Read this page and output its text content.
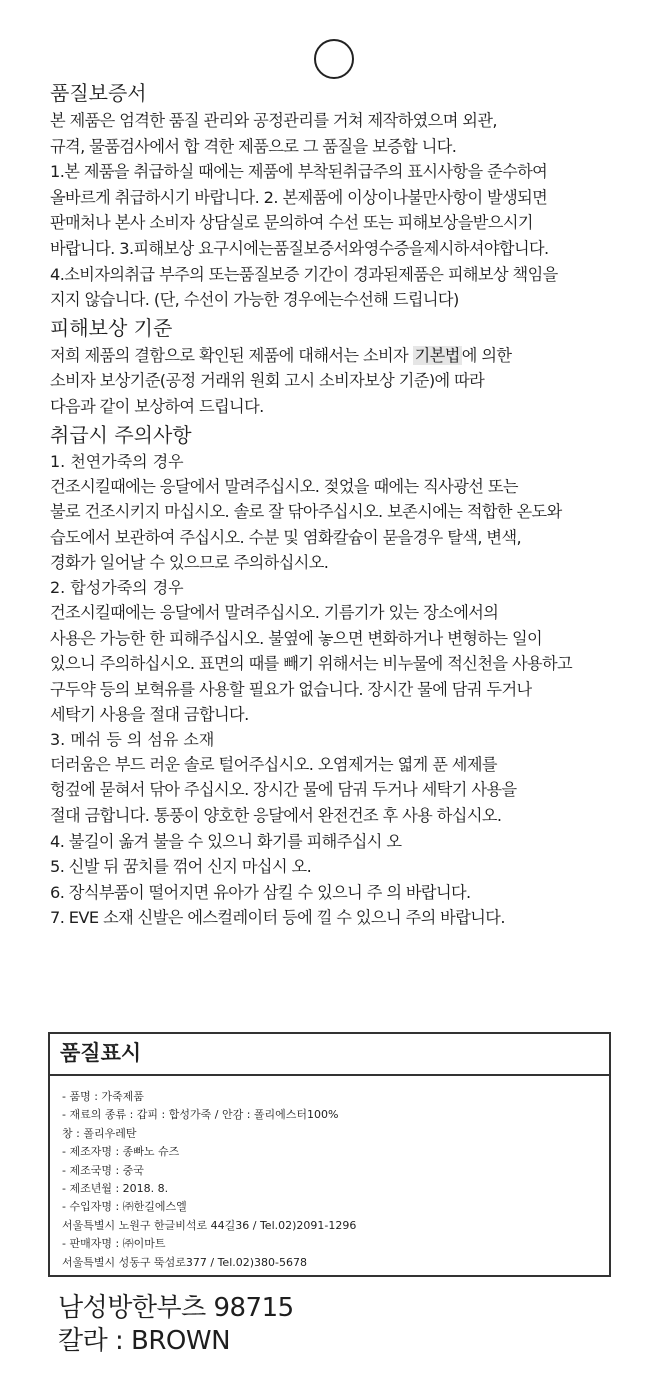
품질보증서

본 제품은 엄격한 품질 관리와 공정관리를 거쳐 제작하였으며 외관,

규격, 물품검사에서 합 격한 제품으로 그 품질을 보증합 니다.

1.본 제품을 취급하실 때에는 제품에 부착된취급주의 표시사항을 준수하여

올바르게 취급하시기 바랍니다. 2. 본제품에 이상이나불만사항이 발생되면

판매처나 본사 소비자 상담실로 문의하여 수선 또는 피해보상을받으시기

바랍니다. 3.피해보상 요구시에는품질보증서와영수증을제시하셔야합니다.

4.소비자의취급 부주의 또는품질보증 기간이 경과된제품은 피해보상 책임을

지지 않습니다. (단, 수선이 가능한 경우에는수선해 드립니다)

피해보상 기준

저희 제품의 결함으로 확인된 제품에 대해서는 소비자 기본법 에 의한

소비자 보상기준(공정 거래위 원회 고시 소비자보상 기준)에 따라

다음과 같이 보상하여 드립니다.

취급시 주의사항

1. 천연가죽의 경우

건조시킬때에는 응달에서 말려주십시오. 젖었을 때에는 직사광선 또는

불로 건조시키지 마십시오. 솔로 잘 닦아주십시오. 보존시에는 적합한 온도와

습도에서 보관하여 주십시오. 수분 및 염화칼슘이 묻을경우 탈색, 변색,

경화가 일어날 수 있으므로 주의하십시오.

2. 합성가죽의 경우

건조시킬때에는 응달에서 말려주십시오. 기름기가 있는 장소에서의

사용은 가능한 한 피해주십시오. 불옆에 놓으면 변화하거나 변형하는 일이

있으니 주의하십시오. 표면의 때를 빼기 위해서는 비누물에 적신천을 사용하고

구두약 등의 보혁유를 사용할 필요가 없습니다. 장시간 물에 담궈 두거나

세탁기 사용을 절대 금합니다.

3. 메쉬 등 의 섬유 소재

더러움은 부드 러운 솔로 털어주십시오. 오염제거는 엷게 푼 세제를

헝겊에 묻혀서 닦아 주십시오. 장시간 물에 담궈 두거나 세탁기 사용을

절대 금합니다. 통풍이 양호한 응달에서 완전건조 후 사용 하십시오.

4. 불길이 옮겨 불을 수 있으니 화기를 피해주십시 오

5. 신발 뒤 꿈치를 꺾어 신지 마십시 오.

6. 장식부품이 떨어지면 유아가 삼킬 수 있으니 주 의 바랍니다.

7. EVE 소재 신발은 에스컬레이터 등에 낄 수 있으니 주의 바랍니다.

품질표시
- 품명 : 가죽제품
- 재료의 종류 : 갑피 : 합성가죽 / 안감 : 폴리에스터100%
창 : 폴리우레탄
- 제조자명 : 종빠노 슈즈
- 제조국명 : 중국
- 제조년월 : 2018. 8.
- 수입자명 : ㈜한길에스엘
서울특별시 노원구 한글비석로 44길36 / Tel.02)2091-1296
- 판매자명 : ㈜이마트
서울특별시 성동구 뚝섬로377 / Tel.02)380-5678

남성방한부츠 98715

칼라 : BROWN
